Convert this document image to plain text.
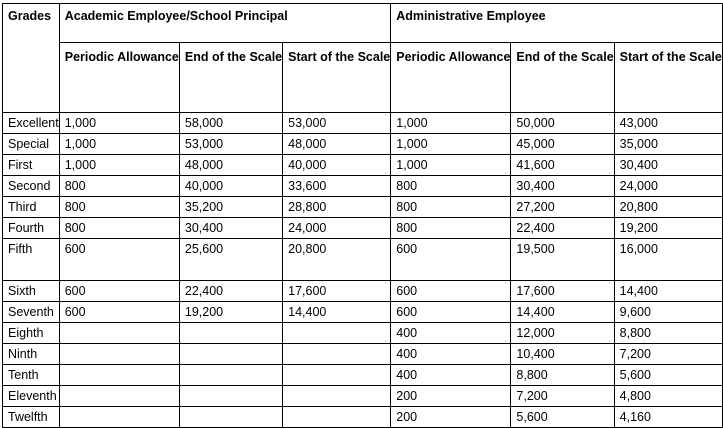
Grades	Academic Employee/School Principal			Administrative Employee		
	Periodic Allowance	End of the Scale	Start of the Scale	Periodic Allowance	End of the Scale	Start of the Scale
Excellent	1,000	58,000	53,000	1,000	50,000	43,000
Special	1,000	53,000	48,000	1,000	45,000	35,000
First	1,000	48,000	40,000	1,000	41,600	30,400
Second	800	40,000	33,600	800	30,400	24,000
Third	800	35,200	28,800	800	27,200	20,800
Fourth	800	30,400	24,000	800	22,400	19,200
Fifth	600	25,600	20,800	600	19,500	16,000
Sixth	600	22,400	17,600	600	17,600	14,400
Seventh	600	19,200	14,400	600	14,400	9,600
Eighth				400	12,000	8,800
Ninth				400	10,400	7,200
Tenth				400	8,800	5,600
Eleventh				200	7,200	4,800
Twelfth				200	5,600	4,160
